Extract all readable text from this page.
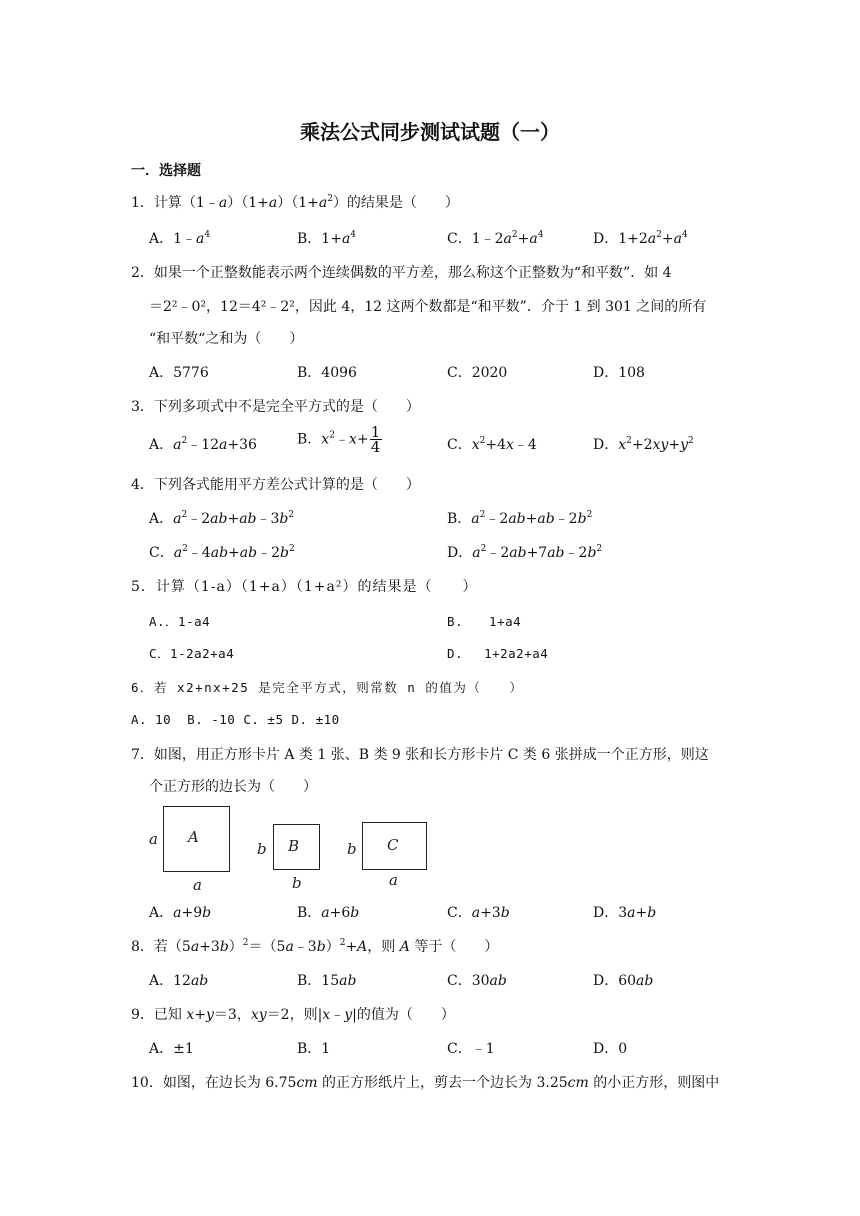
乘法公式同步测试试题（一）
一．选择题
1．计算$(1﹣a)(1+a)(1+a^2)$的结果是（　　）
A．$1﹣a^4$	B．$1+a^4$	C．$1﹣2a^2+a^4$	D．$1+2a^2+a^4$
2．如果一个正整数能表示两个连续偶数的平方差，那么称这个正整数为“和平数”．如 4
＝2²﹣0²，12＝4²﹣2²，因此 4，12 这两个数都是“和平数”．介于 1 到 301 之间的所有
“和平数“之和为（　　）
A．5776	B．4096	C．2020	D．108
3．下列多项式中不是完全平方式的是（　　）
A．$a^2﹣12a+36$	B．$x^2﹣x+ \frac{1}{4}$	C．$x^2+4x﹣4$	D．$x^2+2xy+y^2$
4．下列各式能用平方差公式计算的是（　　）
A．$a^2﹣2ab+ab﹣3b^2$	B．$a^2﹣2ab+ab﹣2b^2$
C．$a^2﹣4ab+ab﹣2b^2$	D．$a^2﹣2ab+7ab﹣2b^2$
5．计算（1-a）（1+a）（1+a²）的结果是（　　）
A.．1-a4	B.　　1+a4
C．1-2a2+a4	D.　 1+2a2+a4
6．若 x2+nx+25 是完全平方式，则常数 n 的值为（　　）
A. 10  B. -10 C. ±5 D. ±10
7．如图，用正方形卡片 A 类 1 张、B 类 9 张和长方形卡片 C 类 6 张拼成一个正方形，则这
个正方形的边长为（　　）
A
a
a
B
b
b
C
b
a
A．a+9b	B．a+6b	C．a+3b	D．3a+b
8．若$(5a+3b)^2=(5a﹣3b)^2+A$，则 A 等于（　　）
A．12ab	B．15ab	C．30ab	D．60ab
9．已知 x+y＝3，xy＝2，则|x﹣y|的值为（　　）
A．±1	B．1	C．﹣1	D．0
10．如图，在边长为 6.75cm 的正方形纸片上，剪去一个边长为 3.25cm 的小正方形，则图中
